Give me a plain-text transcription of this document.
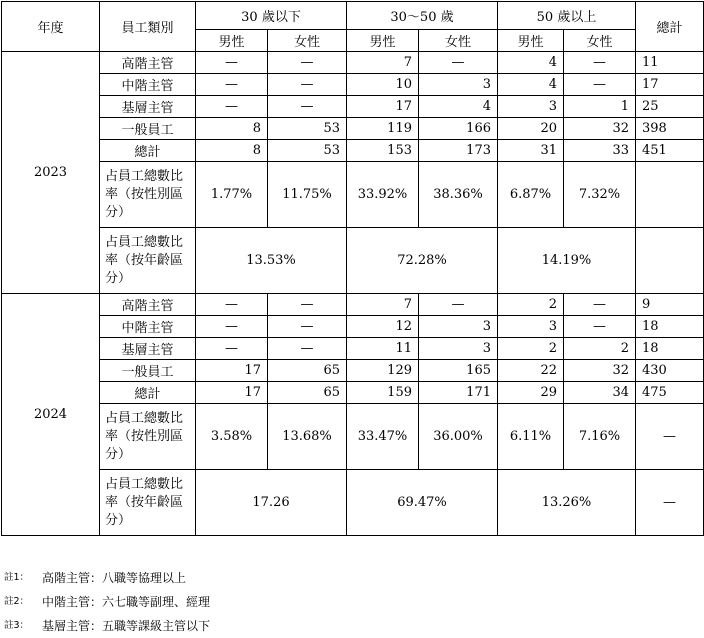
年度	員工類別	30 歲以下		30～50 歲		50 歲以上		總計
		男性	女性	男性	女性	男性	女性	
2023	高階主管	—	—	7	—	4	—	11
	中階主管	—	—	10	3	4	—	17
	基層主管	—	—	17	4	3	1	25
	一般員工	8	53	119	166	20	32	398
	總計	8	53	153	173	31	33	451
	占員工總數比率（按性別區分）	1.77%	11.75%	33.92%	38.36%	6.87%	7.32%	
	占員工總數比率（按年齡區分）	13.53%		72.28%		14.19%		
2024	高階主管	—	—	7	—	2	—	9
	中階主管	—	—	12	3	3	—	18
	基層主管	—	—	11	3	2	2	18
	一般員工	17	65	129	165	22	32	430
	總計	17	65	159	171	29	34	475
	占員工總數比率（按性別區分）	3.58%	13.68%	33.47%	36.00%	6.11%	7.16%	—
	占員工總數比率（按年齡區分）	17.26		69.47%		13.26%		—
註1：	高階主管：八職等協理以上
註2：	中階主管：六七職等副理、經理
註3：	基層主管：五職等課級主管以下
